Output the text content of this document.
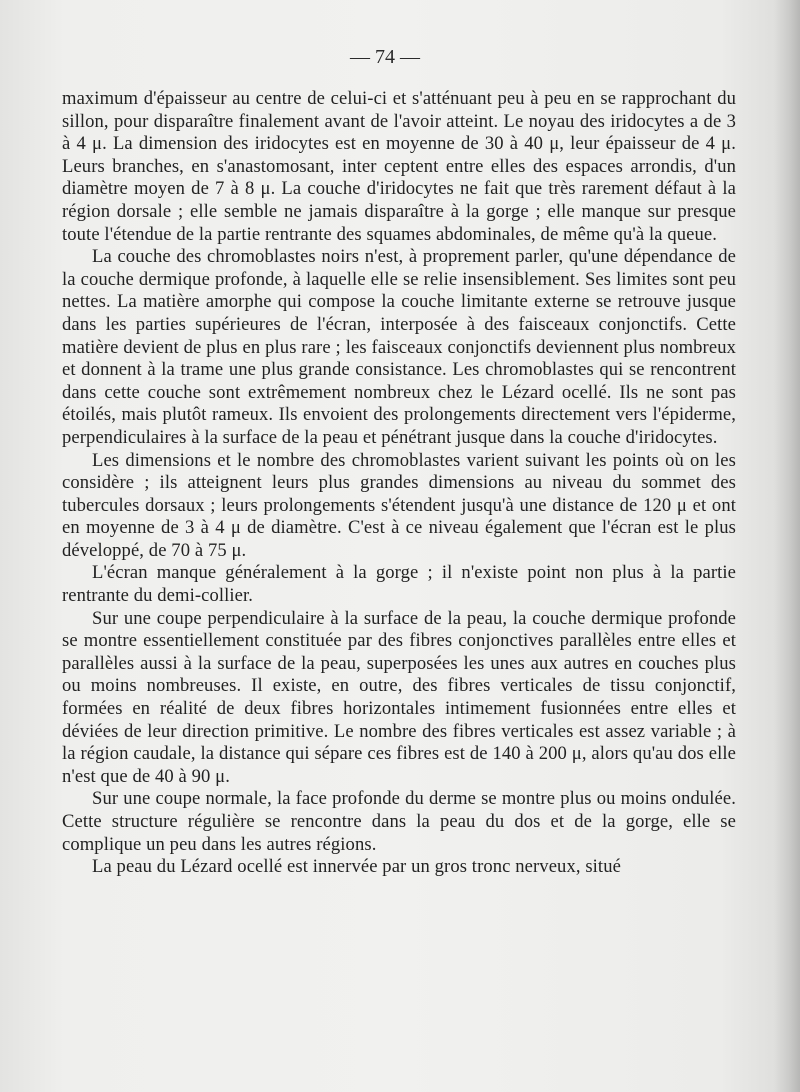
— 74 —

maximum d'épaisseur au centre de celui-ci et s'atténuant peu à peu en se rapprochant du sillon, pour disparaître finalement avant de l'avoir atteint. Le noyau des iridocytes a de 3 à 4 μ. La dimension des iridocytes est en moyenne de 30 à 40 μ, leur épaisseur de 4 μ. Leurs branches, en s'anastomosant, inter ceptent entre elles des espaces arrondis, d'un diamètre moyen de 7 à 8 μ. La couche d'iridocytes ne fait que très rarement défaut à la région dorsale ; elle semble ne jamais disparaître à la gorge ; elle manque sur presque toute l'étendue de la partie rentrante des squames abdominales, de même qu'à la queue.

La couche des chromoblastes noirs n'est, à proprement parler, qu'une dépendance de la couche dermique profonde, à laquelle elle se relie insensiblement. Ses limites sont peu nettes. La matière amorphe qui compose la couche limitante externe se retrouve jusque dans les parties supérieures de l'écran, interposée à des faisceaux conjonctifs. Cette matière devient de plus en plus rare ; les faisceaux conjonctifs deviennent plus nombreux et donnent à la trame une plus grande consistance. Les chromoblastes qui se rencontrent dans cette couche sont extrêmement nombreux chez le Lézard ocellé. Ils ne sont pas étoilés, mais plutôt rameux. Ils envoient des prolongements directement vers l'épiderme, perpendiculaires à la surface de la peau et pénétrant jusque dans la couche d'iridocytes.

Les dimensions et le nombre des chromoblastes varient suivant les points où on les considère ; ils atteignent leurs plus grandes dimensions au niveau du sommet des tubercules dorsaux ; leurs prolongements s'étendent jusqu'à une distance de 120 μ et ont en moyenne de 3 à 4 μ de diamètre. C'est à ce niveau également que l'écran est le plus développé, de 70 à 75 μ.

L'écran manque généralement à la gorge ; il n'existe point non plus à la partie rentrante du demi-collier.

Sur une coupe perpendiculaire à la surface de la peau, la couche dermique profonde se montre essentiellement constituée par des fibres conjonctives parallèles entre elles et parallèles aussi à la surface de la peau, superposées les unes aux autres en couches plus ou moins nombreuses. Il existe, en outre, des fibres verticales de tissu conjonctif, formées en réalité de deux fibres horizontales intimement fusionnées entre elles et déviées de leur direction primitive. Le nombre des fibres verticales est assez variable ; à la région caudale, la distance qui sépare ces fibres est de 140 à 200 μ, alors qu'au dos elle n'est que de 40 à 90 μ.

Sur une coupe normale, la face profonde du derme se montre plus ou moins ondulée. Cette structure régulière se rencontre dans la peau du dos et de la gorge, elle se complique un peu dans les autres régions.

La peau du Lézard ocellé est innervée par un gros tronc nerveux, situé
